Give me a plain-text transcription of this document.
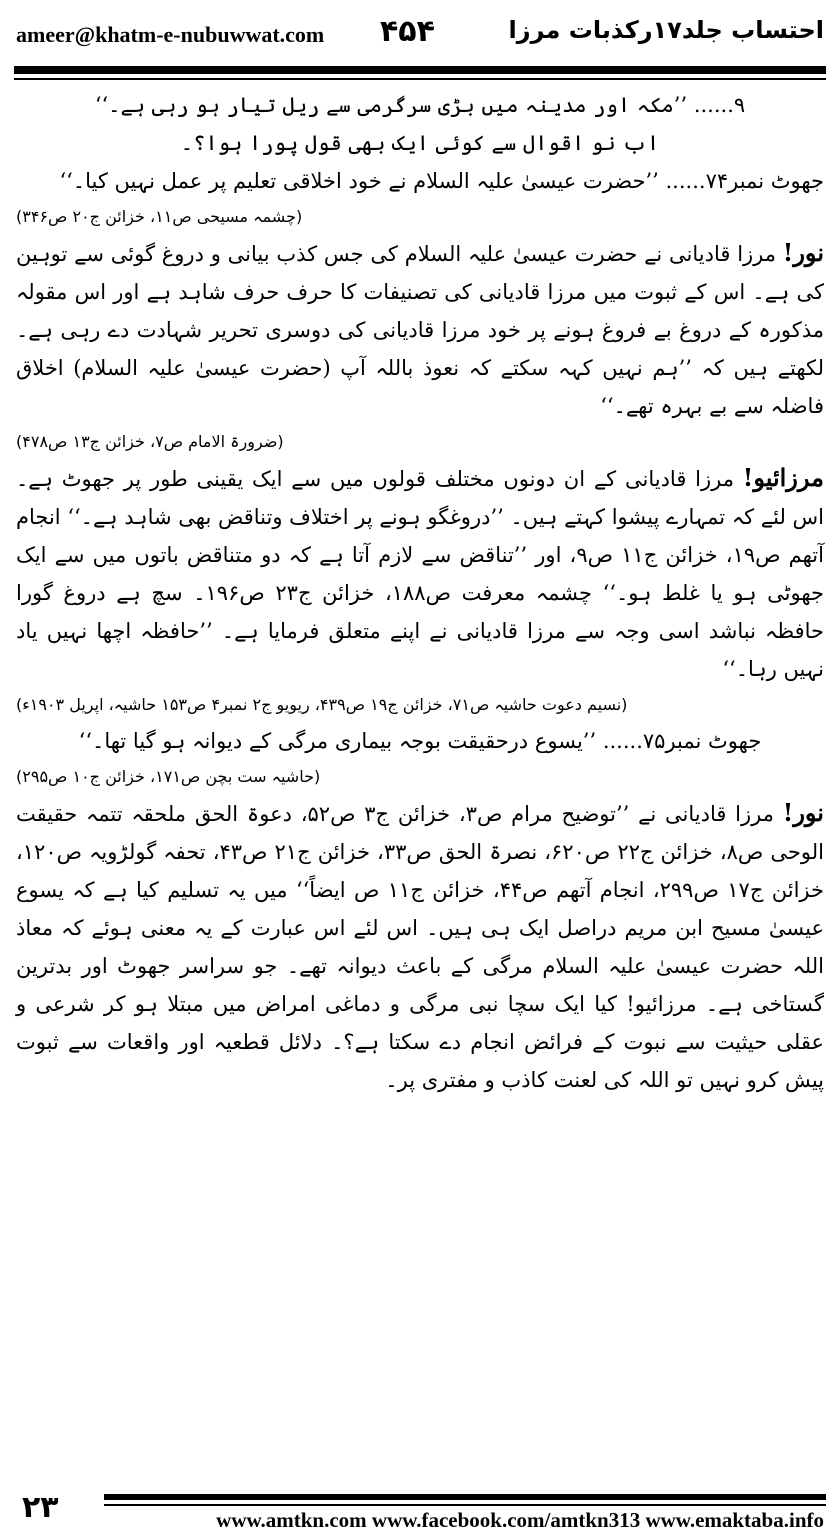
ameer@khatm-e-nubuwwat.com ۴۵۴	احتساب جلد۱۷رکذبات مرزا

۹...... ’’مکہ اور مدینہ میں بڑی سرگرمی سے ریل تیار ہو رہی ہے۔‘‘

اب نو اقوال سے کوئی ایک بھی قول پورا ہوا؟۔

جھوٹ نمبر۷۴...... ’’حضرت عیسیٰ علیہ السلام نے خود اخلاقی تعلیم پر عمل نہیں کیا۔‘‘

(چشمہ مسیحی ص۱۱، خزائن ج۲۰ ص۳۴۶)

نور! مرزا قادیانی نے حضرت عیسیٰ علیہ السلام کی جس کذب بیانی و دروغ گوئی سے توہین کی ہے۔ اس کے ثبوت میں مرزا قادیانی کی تصنیفات کا حرف حرف شاہد ہے اور اس مقولہ مذکورہ کے دروغ بے فروغ ہونے پر خود مرزا قادیانی کی دوسری تحریر شہادت دے رہی ہے۔ لکھتے ہیں کہ ’’ہم نہیں کہہ سکتے کہ نعوذ باللہ آپ (حضرت عیسیٰ علیہ السلام) اخلاق فاضلہ سے بے بہرہ تھے۔‘‘

(ضرورۃ الامام ص۷، خزائن ج۱۳ ص۴۷۸)

مرزائیو! مرزا قادیانی کے ان دونوں مختلف قولوں میں سے ایک یقینی طور پر جھوٹ ہے۔ اس لئے کہ تمہارے پیشوا کہتے ہیں۔ ’’دروغگو ہونے پر اختلاف وتناقض بھی شاہد ہے۔‘‘ انجام آتھم ص۱۹، خزائن ج۱۱ ص۹، اور ’’تناقض سے لازم آتا ہے کہ دو متناقض باتوں میں سے ایک جھوٹی ہو یا غلط ہو۔‘‘ چشمہ معرفت ص۱۸۸، خزائن ج۲۳ ص۱۹۶۔ سچ ہے دروغ گورا حافظہ نباشد اسی وجہ سے مرزا قادیانی نے اپنے متعلق فرمایا ہے۔ ’’حافظہ اچھا نہیں یاد نہیں رہا۔‘‘

(نسیم دعوت حاشیہ ص۷۱، خزائن ج۱۹ ص۴۳۹، ریویو ج۲ نمبر۴ ص۱۵۳ حاشیہ، اپریل ۱۹۰۳ء)

جھوٹ نمبر۷۵...... ’’یسوع درحقیقت بوجہ بیماری مرگی کے دیوانہ ہو گیا تھا۔‘‘

(حاشیہ ست بچن ص۱۷۱، خزائن ج۱۰ ص۲۹۵)

نور! مرزا قادیانی نے ’’توضیح مرام ص۳، خزائن ج۳ ص۵۲، دعوۃ الحق ملحقہ تتمہ حقیقت الوحی ص۸، خزائن ج۲۲ ص۶۲۰، نصرۃ الحق ص۳۳، خزائن ج۲۱ ص۴۳، تحفہ گولڑویہ ص۱۲۰، خزائن ج۱۷ ص۲۹۹، انجام آتھم ص۴۴، خزائن ج۱۱ ص ایضاً‘‘ میں یہ تسلیم کیا ہے کہ یسوع عیسیٰ مسیح ابن مریم دراصل ایک ہی ہیں۔ اس لئے اس عبارت کے یہ معنی ہوئے کہ معاذ اللہ حضرت عیسیٰ علیہ السلام مرگی کے باعث دیوانہ تھے۔ جو سراسر جھوٹ اور بدترین گستاخی ہے۔ مرزائیو! کیا ایک سچا نبی مرگی و دماغی امراض میں مبتلا ہو کر شرعی و عقلی حیثیت سے نبوت کے فرائض انجام دے سکتا ہے؟۔ دلائل قطعیہ اور واقعات سے ثبوت پیش کرو نہیں تو اللہ کی لعنت کاذب و مفتری پر۔

۲۳	www.amtkn.com www.facebook.com/amtkn313 www.emaktaba.info
